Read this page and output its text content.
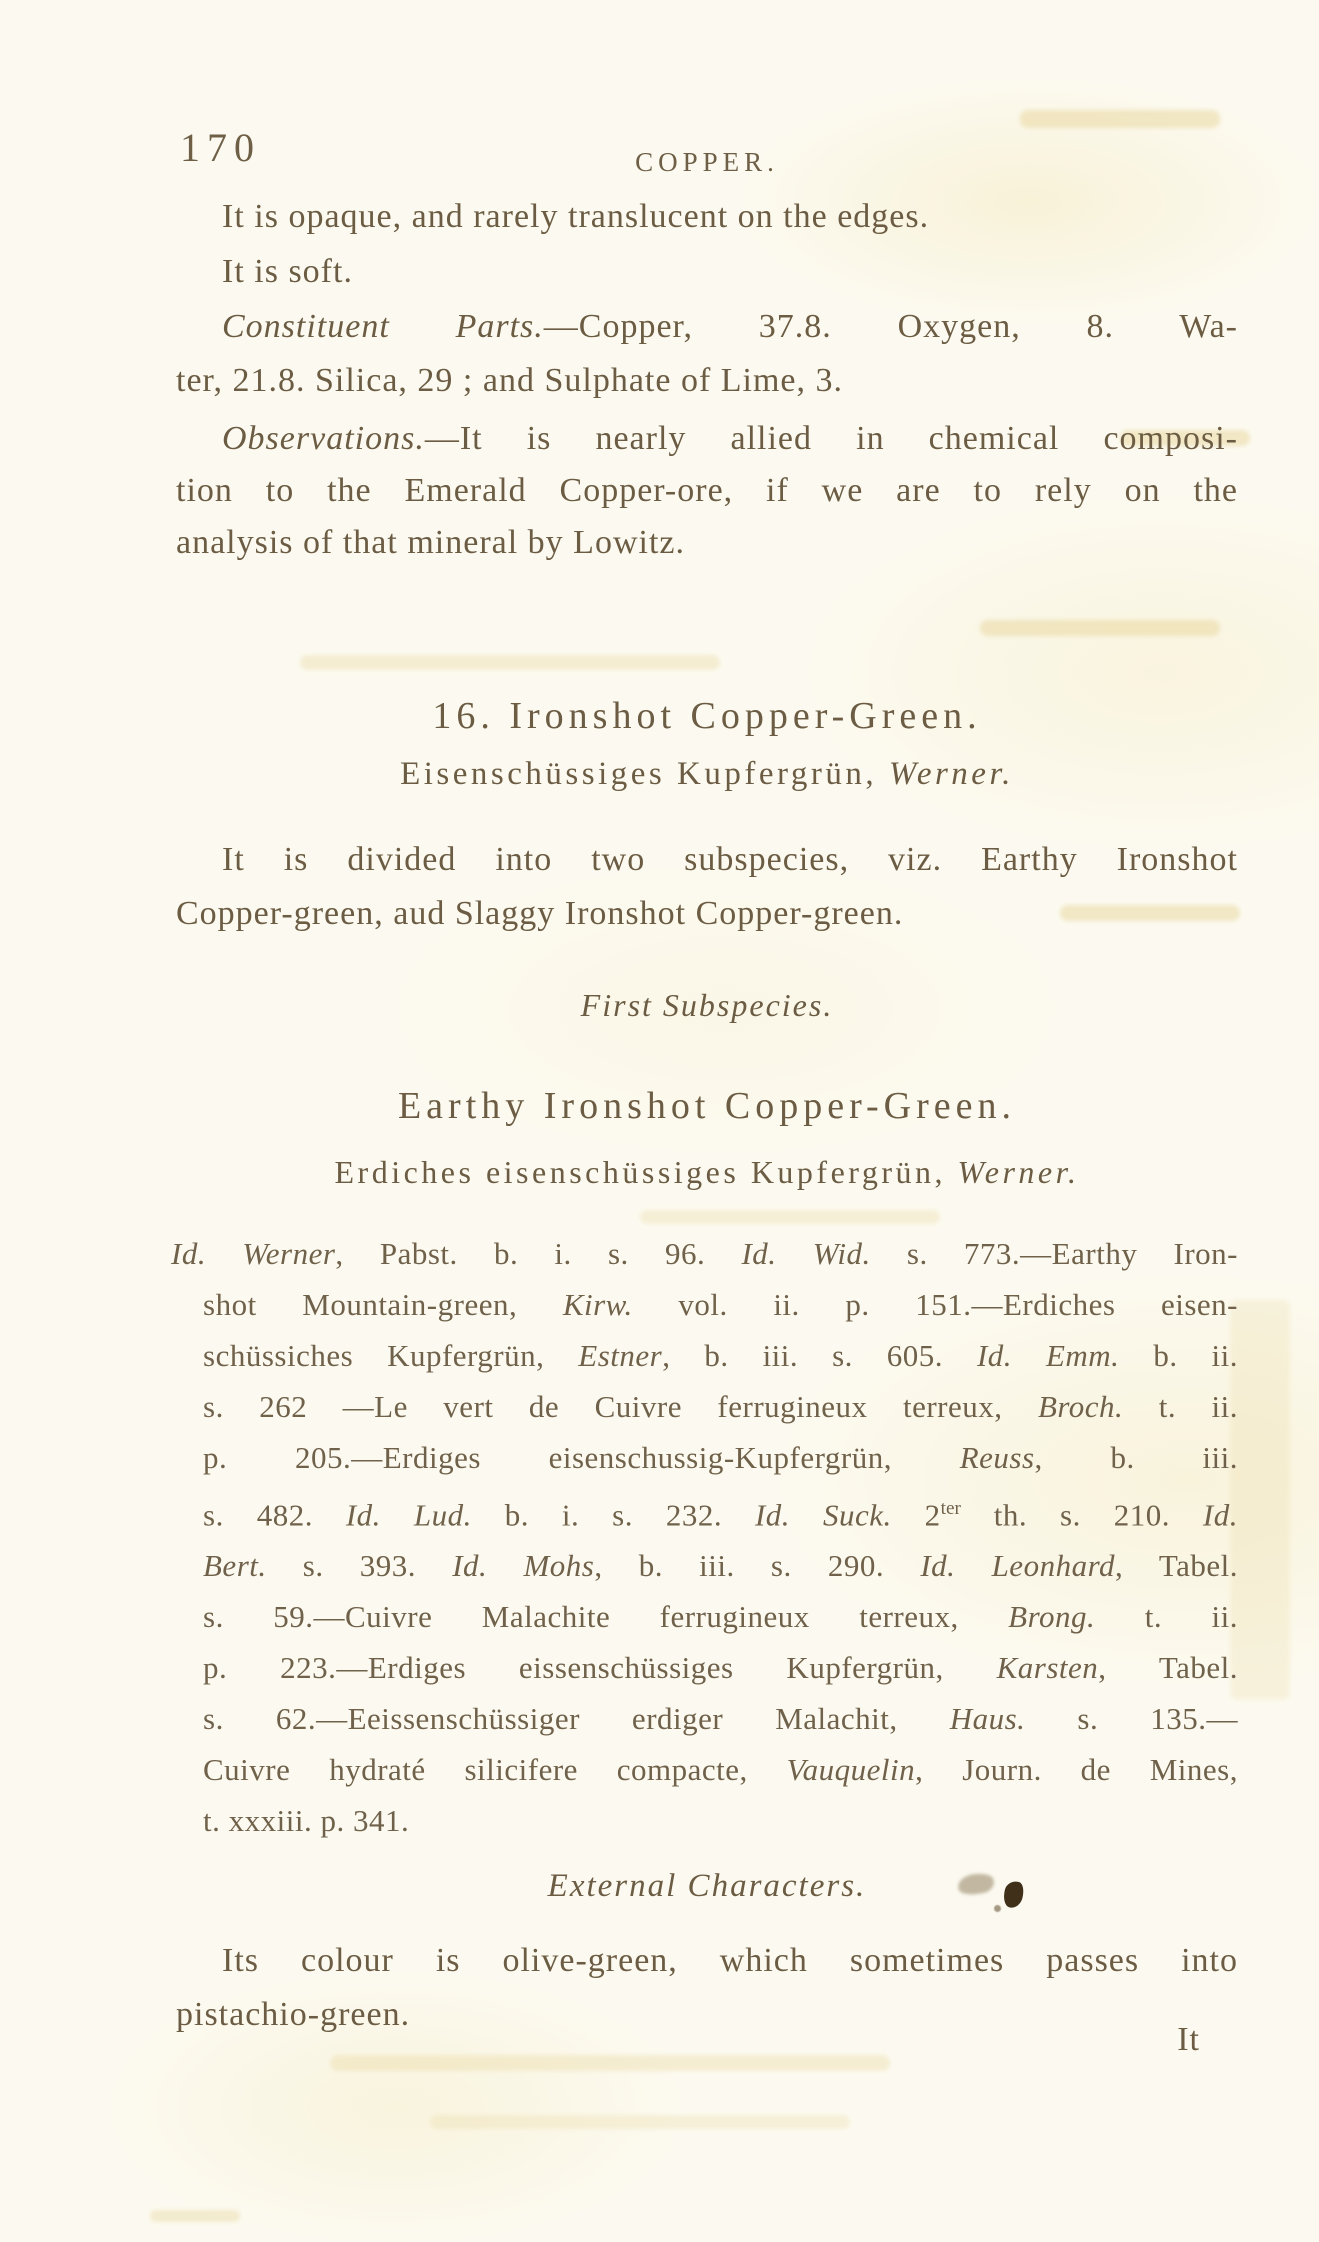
170	COPPER.
It is opaque, and rarely translucent on the edges.
It is soft.
Constituent Parts.—Copper, 37.8. Oxygen, 8. Wa-
ter, 21.8. Silica, 29 ; and Sulphate of Lime, 3.
Observations.—It is nearly allied in chemical composi-
tion to the Emerald Copper-ore, if we are to rely on the
analysis of that mineral by Lowitz.
16. Ironshot Copper-Green.
Eisenschüssiges Kupfergrün, Werner.
It is divided into two subspecies, viz. Earthy Ironshot
Copper-green, aud Slaggy Ironshot Copper-green.
First Subspecies.
Earthy Ironshot Copper-Green.
Erdiches eisenschüssiges Kupfergrün, Werner.
Id. Werner, Pabst. b. i. s. 96. Id. Wid. s. 773.—Earthy Iron-
shot Mountain-green, Kirw. vol. ii. p. 151.—Erdiches eisen-
schüssiches Kupfergrün, Estner, b. iii. s. 605. Id. Emm. b. ii.
s. 262 —Le vert de Cuivre ferrugineux terreux, Broch. t. ii.
p. 205.—Erdiges eisenschussig-Kupfergrün, Reuss, b. iii.
s. 482. Id. Lud. b. i. s. 232. Id. Suck. $2^{ter}$ th. s. 210. Id.
Bert. s. 393. Id. Mohs, b. iii. s. 290. Id. Leonhard, Tabel.
s. 59.—Cuivre Malachite ferrugineux terreux, Brong. t. ii.
p. 223.—Erdiges eissenschüssiges Kupfergrün, Karsten, Tabel.
s. 62.—Eeissenschüssiger erdiger Malachit, Haus. s. 135.—
Cuivre hydraté silicifere compacte, Vauquelin, Journ. de Mines,
t. xxxiii. p. 341.
External Characters.
Its colour is olive-green, which sometimes passes into
pistachio-green.
It
